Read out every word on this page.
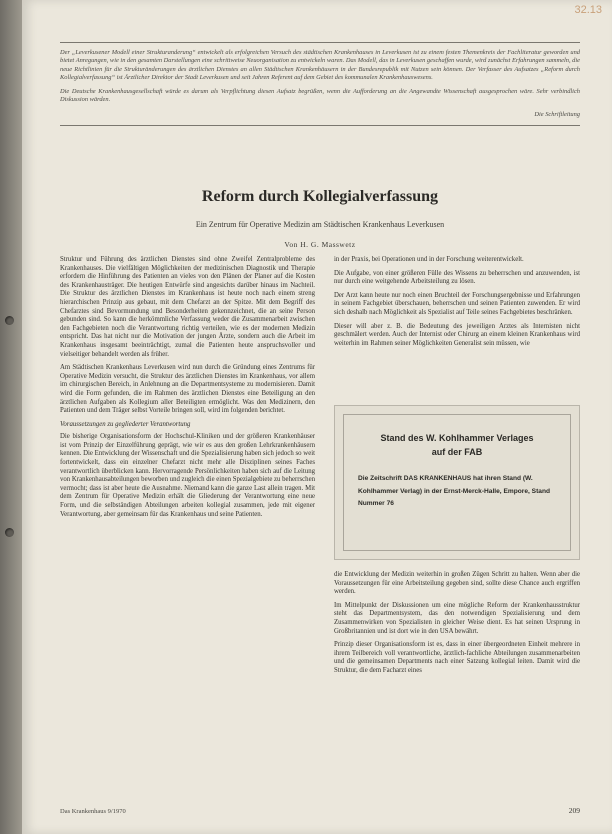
32.13

Der „Leverkusener Modell einer Strukturanderung“ entwickelt als erfolgreichen Versuch des städtischen Krankenhauses in Leverkusen ist zu einem festen Themenkreis der Fachliteratur geworden und bietet Anregungen, wie in den gesamten Darstellungen eine schrittweise Neuorganisation zu entwickeln waren. Das Modell, das in Leverkusen geschaffen wurde, wird zunächst Erfahrungen sammeln, die neue Richtlinien für die Strukturänderungen des ärztlichen Dienstes an allen Städtischen Krankenhäusern in der Bundesrepublik mit Nutzen sein können. Der Verfasser des Aufsatzes „Reform durch Kollegialverfassung“ ist Ärztlicher Direktor der Stadt Leverkusen und seit Jahren Referent auf dem Gebiet des kommunalen Krankenhauswesens.

Die Deutsche Krankenhausgesellschaft würde es darum als Verpflichtung diesen Aufsatz begrüßen, wenn die Aufforderung an die Angewandte Wissenschaft ausgesprochen wäre. Sehr verbindlich Diskussion wärden.

Die Schriftleitung

Reform durch Kollegialverfassung
Ein Zentrum für Operative Medizin am Städtischen Krankenhaus Leverkusen
Von H. G. Masswetz

Struktur und Führung des ärztlichen Dienstes sind ohne Zweifel Zentralprobleme des Krankenhauses. Die vielfältigen Möglichkeiten der medizinischen Diagnostik und Therapie erfordern die Hinführung des Patienten an vieles von den Plänen der Planer auf die Kosten des Krankenhausträger. Die heutigen Entwürfe sind angesichts darüber hinaus im Nachteil. Die Struktur des ärztlichen Dienstes im Krankenhaus ist heute noch nach einem streng hierarchischen Prinzip aus gebaut, mit dem Chefarzt an der Spitze. Mit dem Begriff des Chefarztes sind Bevormundung und Besonderheiten gekennzeichnet, die an seine Person gebunden sind. So kann die herkömmliche Verfassung weder die Zusammenarbeit zwischen den Fachgebieten noch die Verantwortung richtig verteilen, wie es der modernen Medizin entspricht. Das hat nicht nur die Motivation der jungen Ärzte, sondern auch die Arbeit im Krankenhaus insgesamt beeinträchtigt, zumal die Patienten heute anspruchsvoller und vielseitiger behandelt werden als früher.

Am Städtischen Krankenhaus Leverkusen wird nun durch die Gründung eines Zentrums für Operative Medizin versucht, die Struktur des ärztlichen Dienstes im Krankenhaus, vor allem im chirurgischen Bereich, in Anlehnung an die Departmentsysteme zu modernisieren. Damit wird die Form gefunden, die im Rahmen des ärztlichen Dienstes eine Beteiligung an den ärztlichen Aufgaben als Kollegium aller Beteiligten ermöglicht. Was den Medizinern, den Patienten und dem Träger selbst Vorteile bringen soll, wird im folgenden berichtet.

Voraussetzungen zu gegliederter Verantwortung

Die bisherige Organisationsform der Hochschul-Kliniken und der größeren Krankenhäuser ist vom Prinzip der Einzelführung geprägt, wie wir es aus den großen Lehrkrankenhäusern kennen. Die Entwicklung der Wissenschaft und die Spezialisierung haben sich jedoch so weit fortentwickelt, dass ein einzelner Chefarzt nicht mehr alle Disziplinen seines Faches verantwortlich überblicken kann. Hervorragende Persönlichkeiten haben sich auf die Leitung von Krankenhausabteilungen beworben und zugleich die einen Spezialgebiete zu beherrschen vermocht; dass ist aber heute die Ausnahme. Niemand kann die ganze Last allein tragen. Mit dem Zentrum für Operative Medizin erhält die Gliederung der Verantwortung eine neue Form, und die selbständigen Abteilungen arbeiten kollegial zusammen, jede mit eigener Verantwortung, aber gemeinsam für das Krankenhaus und seine Patienten.

in der Praxis, bei Operationen und in der Forschung weiterentwickelt.

Die Aufgabe, von einer größeren Fülle des Wissens zu beherrschen und anzuwenden, ist nur durch eine weitgehende Arbeitsteilung zu lösen.

Der Arzt kann heute nur noch einen Bruchteil der Forschungsergebnisse und Erfahrungen in seinem Fachgebiet überschauen, beherrschen und seinen Patienten zuwenden. Er wird sich deshalb nach Möglichkeit als Spezialist auf Teile seines Fachgebietes beschränken.

Dieser will aber z. B. die Bedeutung des jeweiligen Arztes als Internisten nicht geschmälert werden. Auch der Internist oder Chirurg an einem kleinen Krankenhaus wird weiterhin im Rahmen seiner Möglichkeiten Generalist sein müssen, wie

Stand des W. Kohlhammer Verlages
auf der FAB
Die Zeitschrift DAS KRANKENHAUS hat ihren Stand (W. Kohlhammer Verlag) in der Ernst-Merck-Halle, Empore, Stand Nummer 76

die Entwicklung der Medizin weiterhin in großen Zügen Schritt zu halten. Wenn aber die Voraussetzungen für eine Arbeitsteilung gegeben sind, sollte diese Chance auch ergriffen werden.

Im Mittelpunkt der Diskussionen um eine mögliche Reform der Krankenhausstruktur steht das Departmentsystem, das den notwendigen Spezialisierung und dem Zusammenwirken von Spezialisten in gleicher Weise dient. Es hat seinen Ursprung in Großbritannien und ist dort wie in den USA bewährt.

Prinzip dieser Organisationsform ist es, dass in einer übergeordneten Einheit mehrere in ihrem Teilbereich voll verantwortliche, ärztlich-fachliche Abteilungen zusammenarbeiten und die gemeinsamen Departments nach einer Satzung kollegial leiten. Damit wird die Struktur, die dem Facharzt eines

Das Krankenhaus 9/1970	209
